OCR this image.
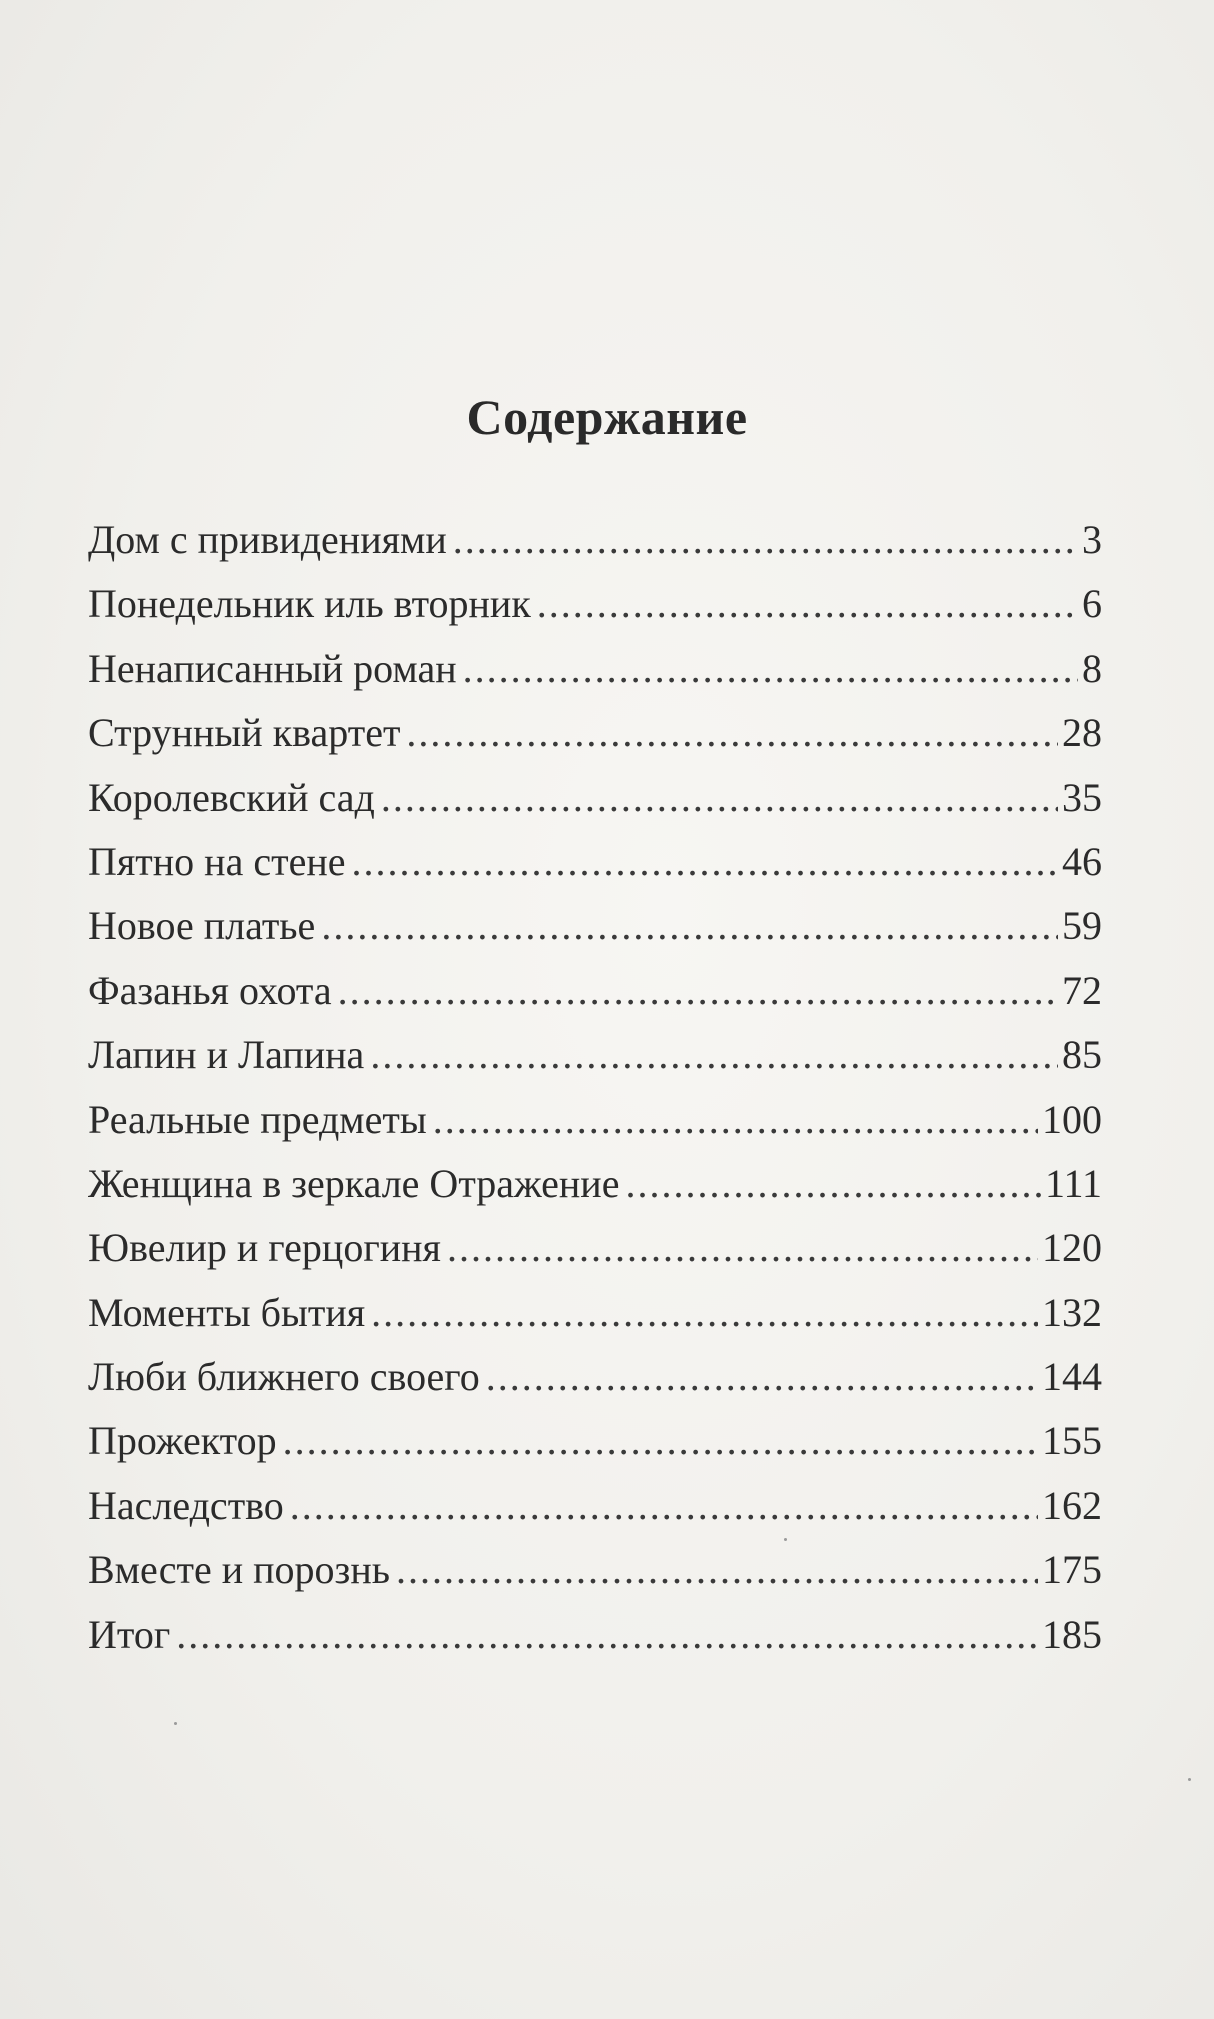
Содержание
Дом с привидениями .....	3
Понедельник иль вторник .....	6
Ненаписанный роман .....	8
Струнный квартет .....	28
Королевский сад .....	35
Пятно на стене .....	46
Новое платье .....	59
Фазанья охота .....	72
Лапин и Лапина .....	85
Реальные предметы .....	100
Женщина в зеркале Отражение .....	111
Ювелир и герцогиня .....	120
Моменты бытия .....	132
Люби ближнего своего .....	144
Прожектор .....	155
Наследство .....	162
Вместе и порознь .....	175
Итог .....	185
